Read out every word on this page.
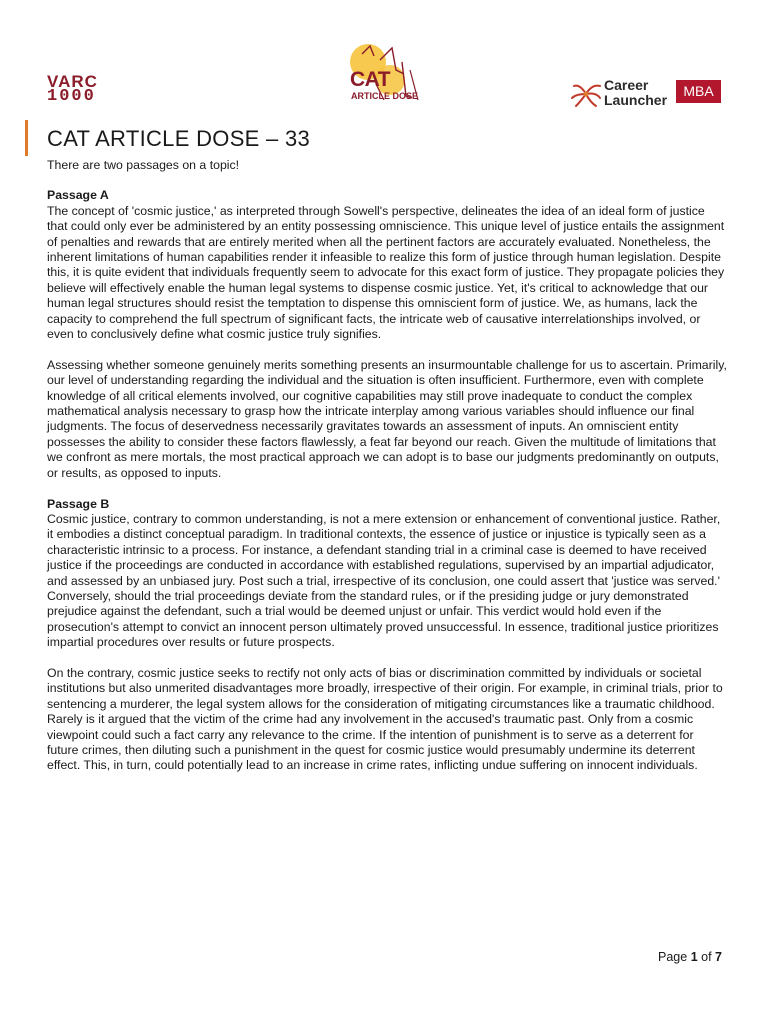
VARC
1000
CAT
ARTICLE DOSE
Career
Launcher
MBA
CAT ARTICLE DOSE – 33

There are two passages on a topic!

Passage A

The concept of 'cosmic justice,' as interpreted through Sowell's perspective, delineates the idea of an ideal form of justice that could only ever be administered by an entity possessing omniscience. This unique level of justice entails the assignment of penalties and rewards that are entirely merited when all the pertinent factors are accurately evaluated. Nonetheless, the inherent limitations of human capabilities render it infeasible to realize this form of justice through human legislation. Despite this, it is quite evident that individuals frequently seem to advocate for this exact form of justice. They propagate policies they believe will effectively enable the human legal systems to dispense cosmic justice. Yet, it's critical to acknowledge that our human legal structures should resist the temptation to dispense this omniscient form of justice. We, as humans, lack the capacity to comprehend the full spectrum of significant facts, the intricate web of causative interrelationships involved, or even to conclusively define what cosmic justice truly signifies.

Assessing whether someone genuinely merits something presents an insurmountable challenge for us to ascertain. Primarily, our level of understanding regarding the individual and the situation is often insufficient. Furthermore, even with complete knowledge of all critical elements involved, our cognitive capabilities may still prove inadequate to conduct the complex mathematical analysis necessary to grasp how the intricate interplay among various variables should influence our final judgments. The focus of deservedness necessarily gravitates towards an assessment of inputs. An omniscient entity possesses the ability to consider these factors flawlessly, a feat far beyond our reach. Given the multitude of limitations that we confront as mere mortals, the most practical approach we can adopt is to base our judgments predominantly on outputs, or results, as opposed to inputs.

Passage B

Cosmic justice, contrary to common understanding, is not a mere extension or enhancement of conventional justice. Rather, it embodies a distinct conceptual paradigm. In traditional contexts, the essence of justice or injustice is typically seen as a characteristic intrinsic to a process. For instance, a defendant standing trial in a criminal case is deemed to have received justice if the proceedings are conducted in accordance with established regulations, supervised by an impartial adjudicator, and assessed by an unbiased jury. Post such a trial, irrespective of its conclusion, one could assert that 'justice was served.' Conversely, should the trial proceedings deviate from the standard rules, or if the presiding judge or jury demonstrated prejudice against the defendant, such a trial would be deemed unjust or unfair. This verdict would hold even if the prosecution's attempt to convict an innocent person ultimately proved unsuccessful. In essence, traditional justice prioritizes impartial procedures over results or future prospects.

On the contrary, cosmic justice seeks to rectify not only acts of bias or discrimination committed by individuals or societal institutions but also unmerited disadvantages more broadly, irrespective of their origin. For example, in criminal trials, prior to sentencing a murderer, the legal system allows for the consideration of mitigating circumstances like a traumatic childhood. Rarely is it argued that the victim of the crime had any involvement in the accused's traumatic past. Only from a cosmic viewpoint could such a fact carry any relevance to the crime. If the intention of punishment is to serve as a deterrent for future crimes, then diluting such a punishment in the quest for cosmic justice would presumably undermine its deterrent effect. This, in turn, could potentially lead to an increase in crime rates, inflicting undue suffering on innocent individuals.

Page 1 of 7
